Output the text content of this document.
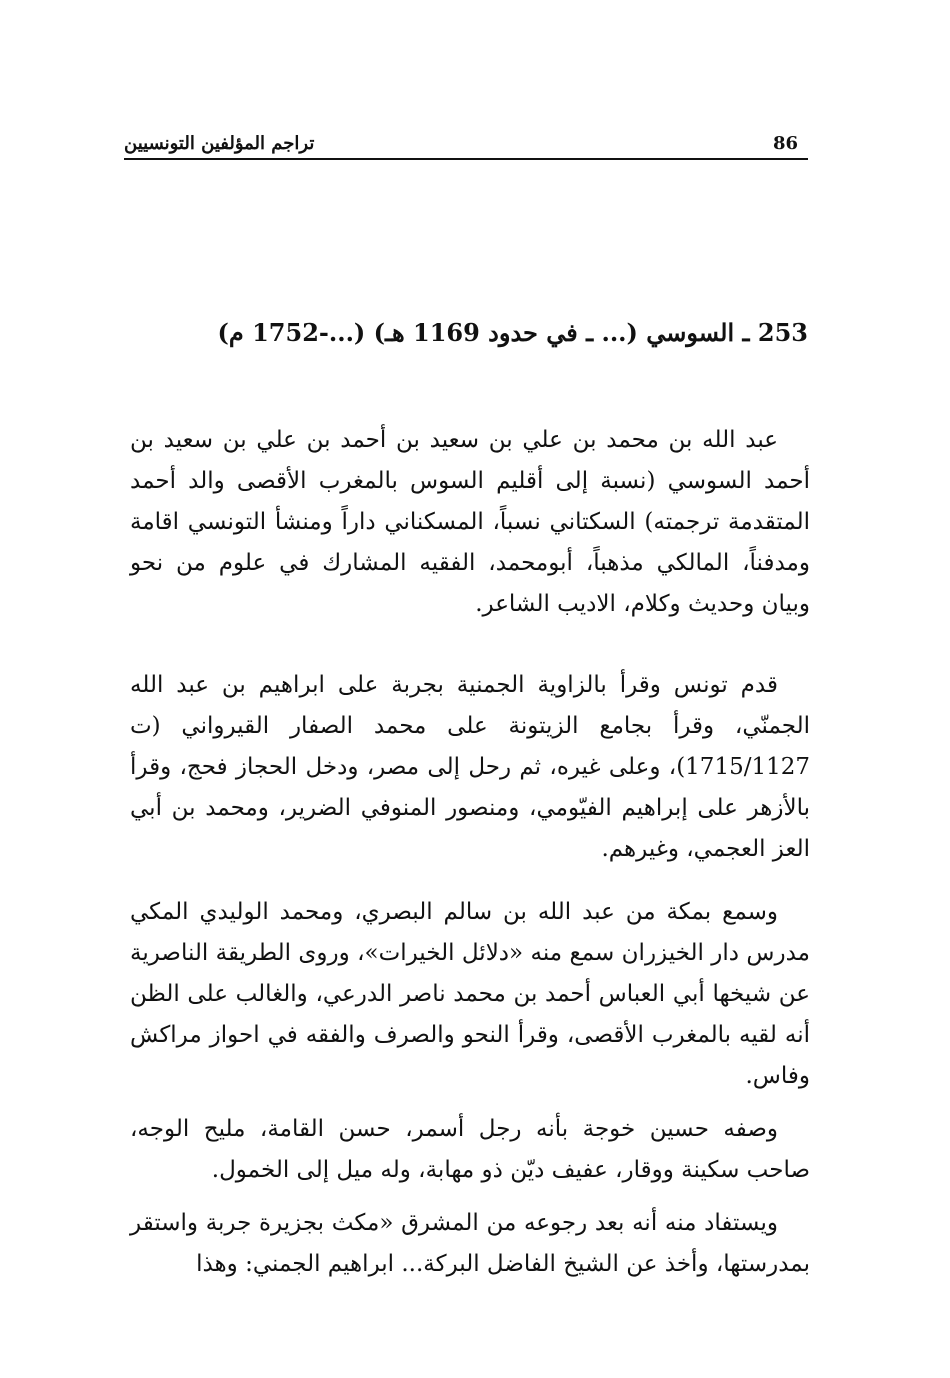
تراجم المؤلفين التونسيين	86
253 ـ السوسي (... ـ في حدود 1169 هـ) (...-1752 م)

عبد الله بن محمد بن علي بن سعيد بن أحمد بن علي بن سعيد بن أحمد السوسي (نسبة إلى أقليم السوس بالمغرب الأقصى والد أحمد المتقدمة ترجمته) السكتاني نسباً، المسكناني داراً ومنشأ التونسي اقامة ومدفناً، المالكي مذهباً، أبومحمد، الفقيه المشارك في علوم من نحو وبيان وحديث وكلام، الاديب الشاعر.

قدم تونس وقرأ بالزاوية الجمنية بجربة على ابراهيم بن عبد الله الجمنّي، وقرأ بجامع الزيتونة على محمد الصفار القيرواني (ت 1715/1127)، وعلى غيره، ثم رحل إلى مصر، ودخل الحجاز فحج، وقرأ بالأزهر على إبراهيم الفيّومي، ومنصور المنوفي الضرير، ومحمد بن أبي العز العجمي، وغيرهم.

وسمع بمكة من عبد الله بن سالم البصري، ومحمد الوليدي المكي مدرس دار الخيزران سمع منه «دلائل الخيرات»، وروى الطريقة الناصرية عن شيخها أبي العباس أحمد بن محمد ناصر الدرعي، والغالب على الظن أنه لقيه بالمغرب الأقصى، وقرأ النحو والصرف والفقه في احواز مراكش وفاس.

وصفه حسين خوجة بأنه رجل أسمر، حسن القامة، مليح الوجه، صاحب سكينة ووقار، عفيف ديّن ذو مهابة، وله ميل إلى الخمول.

ويستفاد منه أنه بعد رجوعه من المشرق «مكث بجزيرة جربة واستقر بمدرستها، وأخذ عن الشيخ الفاضل البركة... ابراهيم الجمني: وهذا
